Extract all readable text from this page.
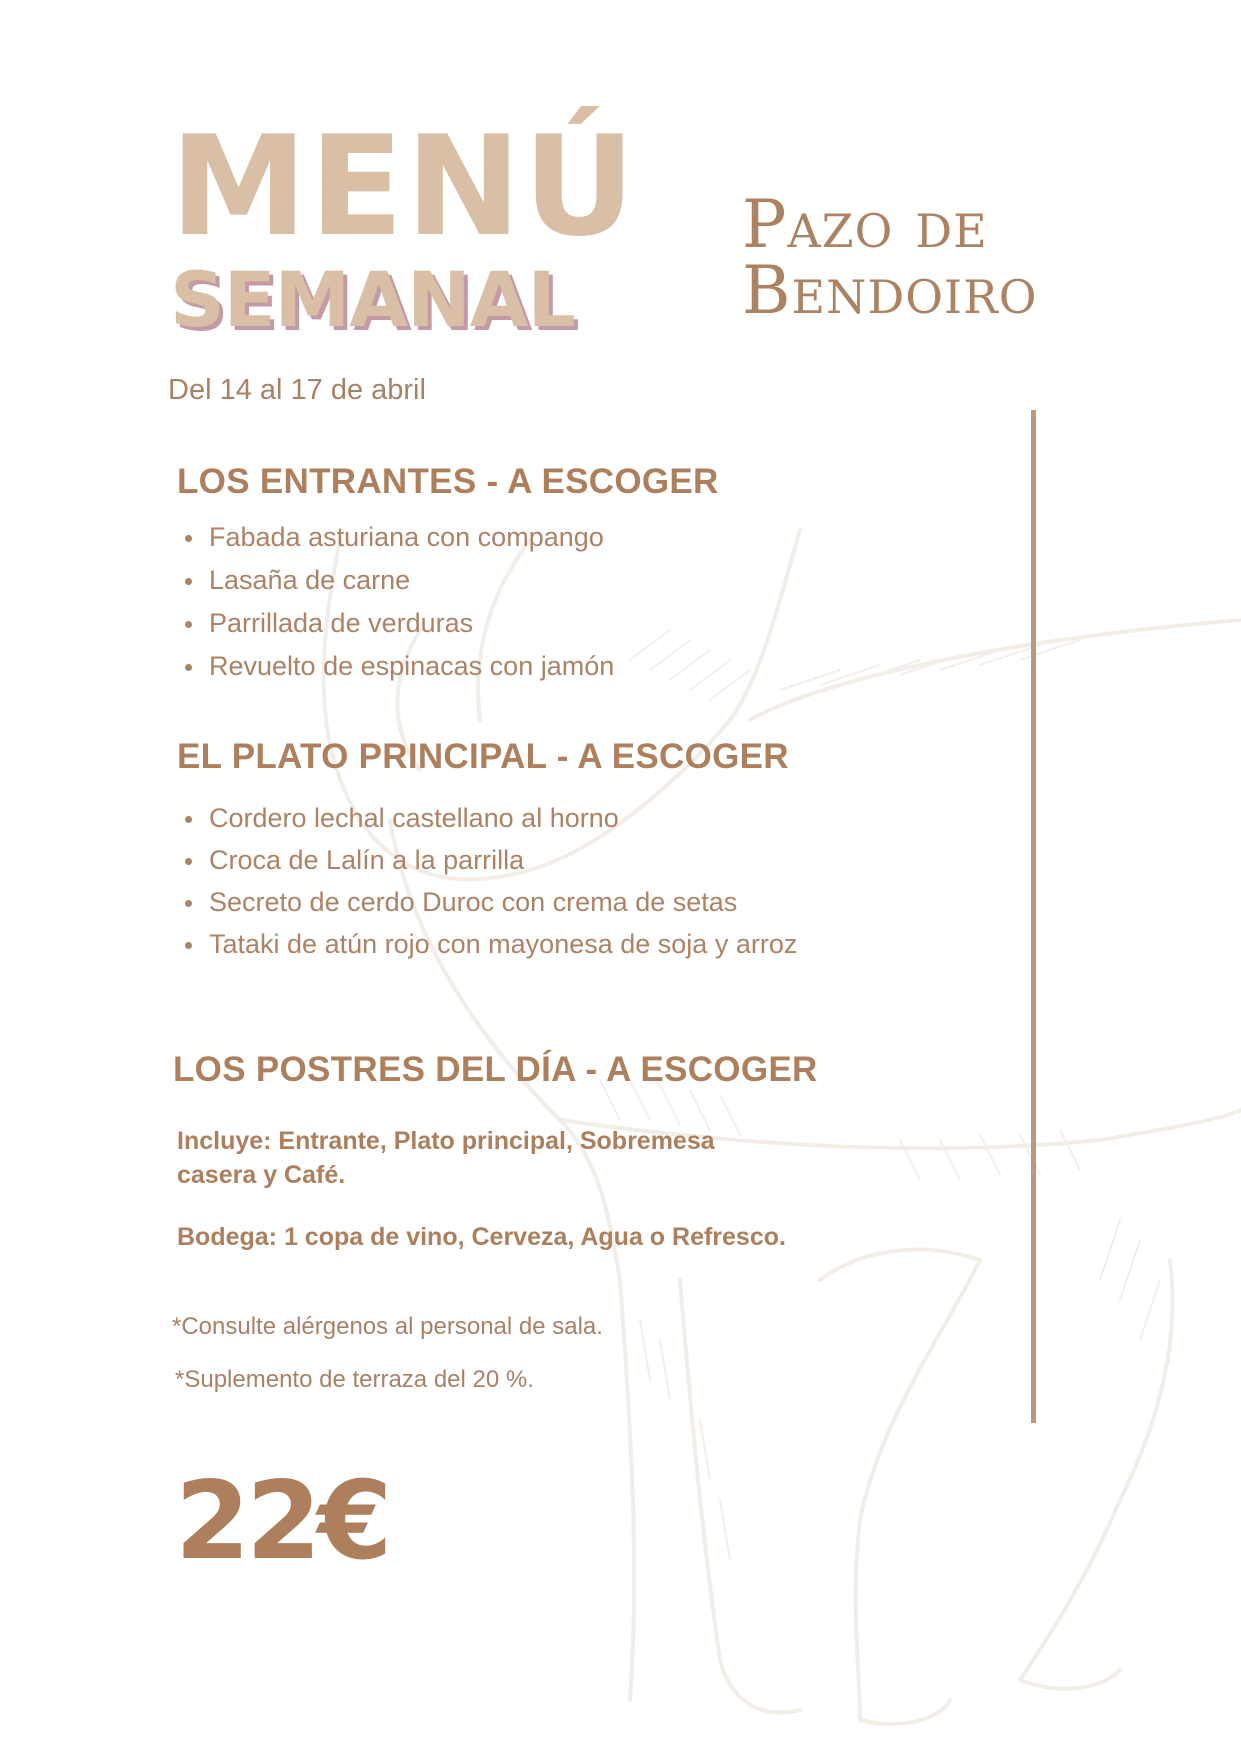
MENÚ
SEMANAL
Pazo de
Bendoiro
Del 14 al 17 de abril
LOS ENTRANTES - A ESCOGER
Fabada asturiana con compango
Lasaña de carne
Parrillada de verduras
Revuelto de espinacas con jamón
EL PLATO PRINCIPAL - A ESCOGER
Cordero lechal castellano al horno
Croca de Lalín a la parrilla
Secreto de cerdo Duroc con crema de setas
Tataki de atún rojo con mayonesa de soja y arroz
LOS POSTRES DEL DÍA - A ESCOGER
Incluye: Entrante, Plato principal, Sobremesa
casera y Café.
Bodega: 1 copa de vino, Cerveza, Agua o Refresco.
*Consulte alérgenos al personal de sala.
*Suplemento de terraza del 20 %.
22€
